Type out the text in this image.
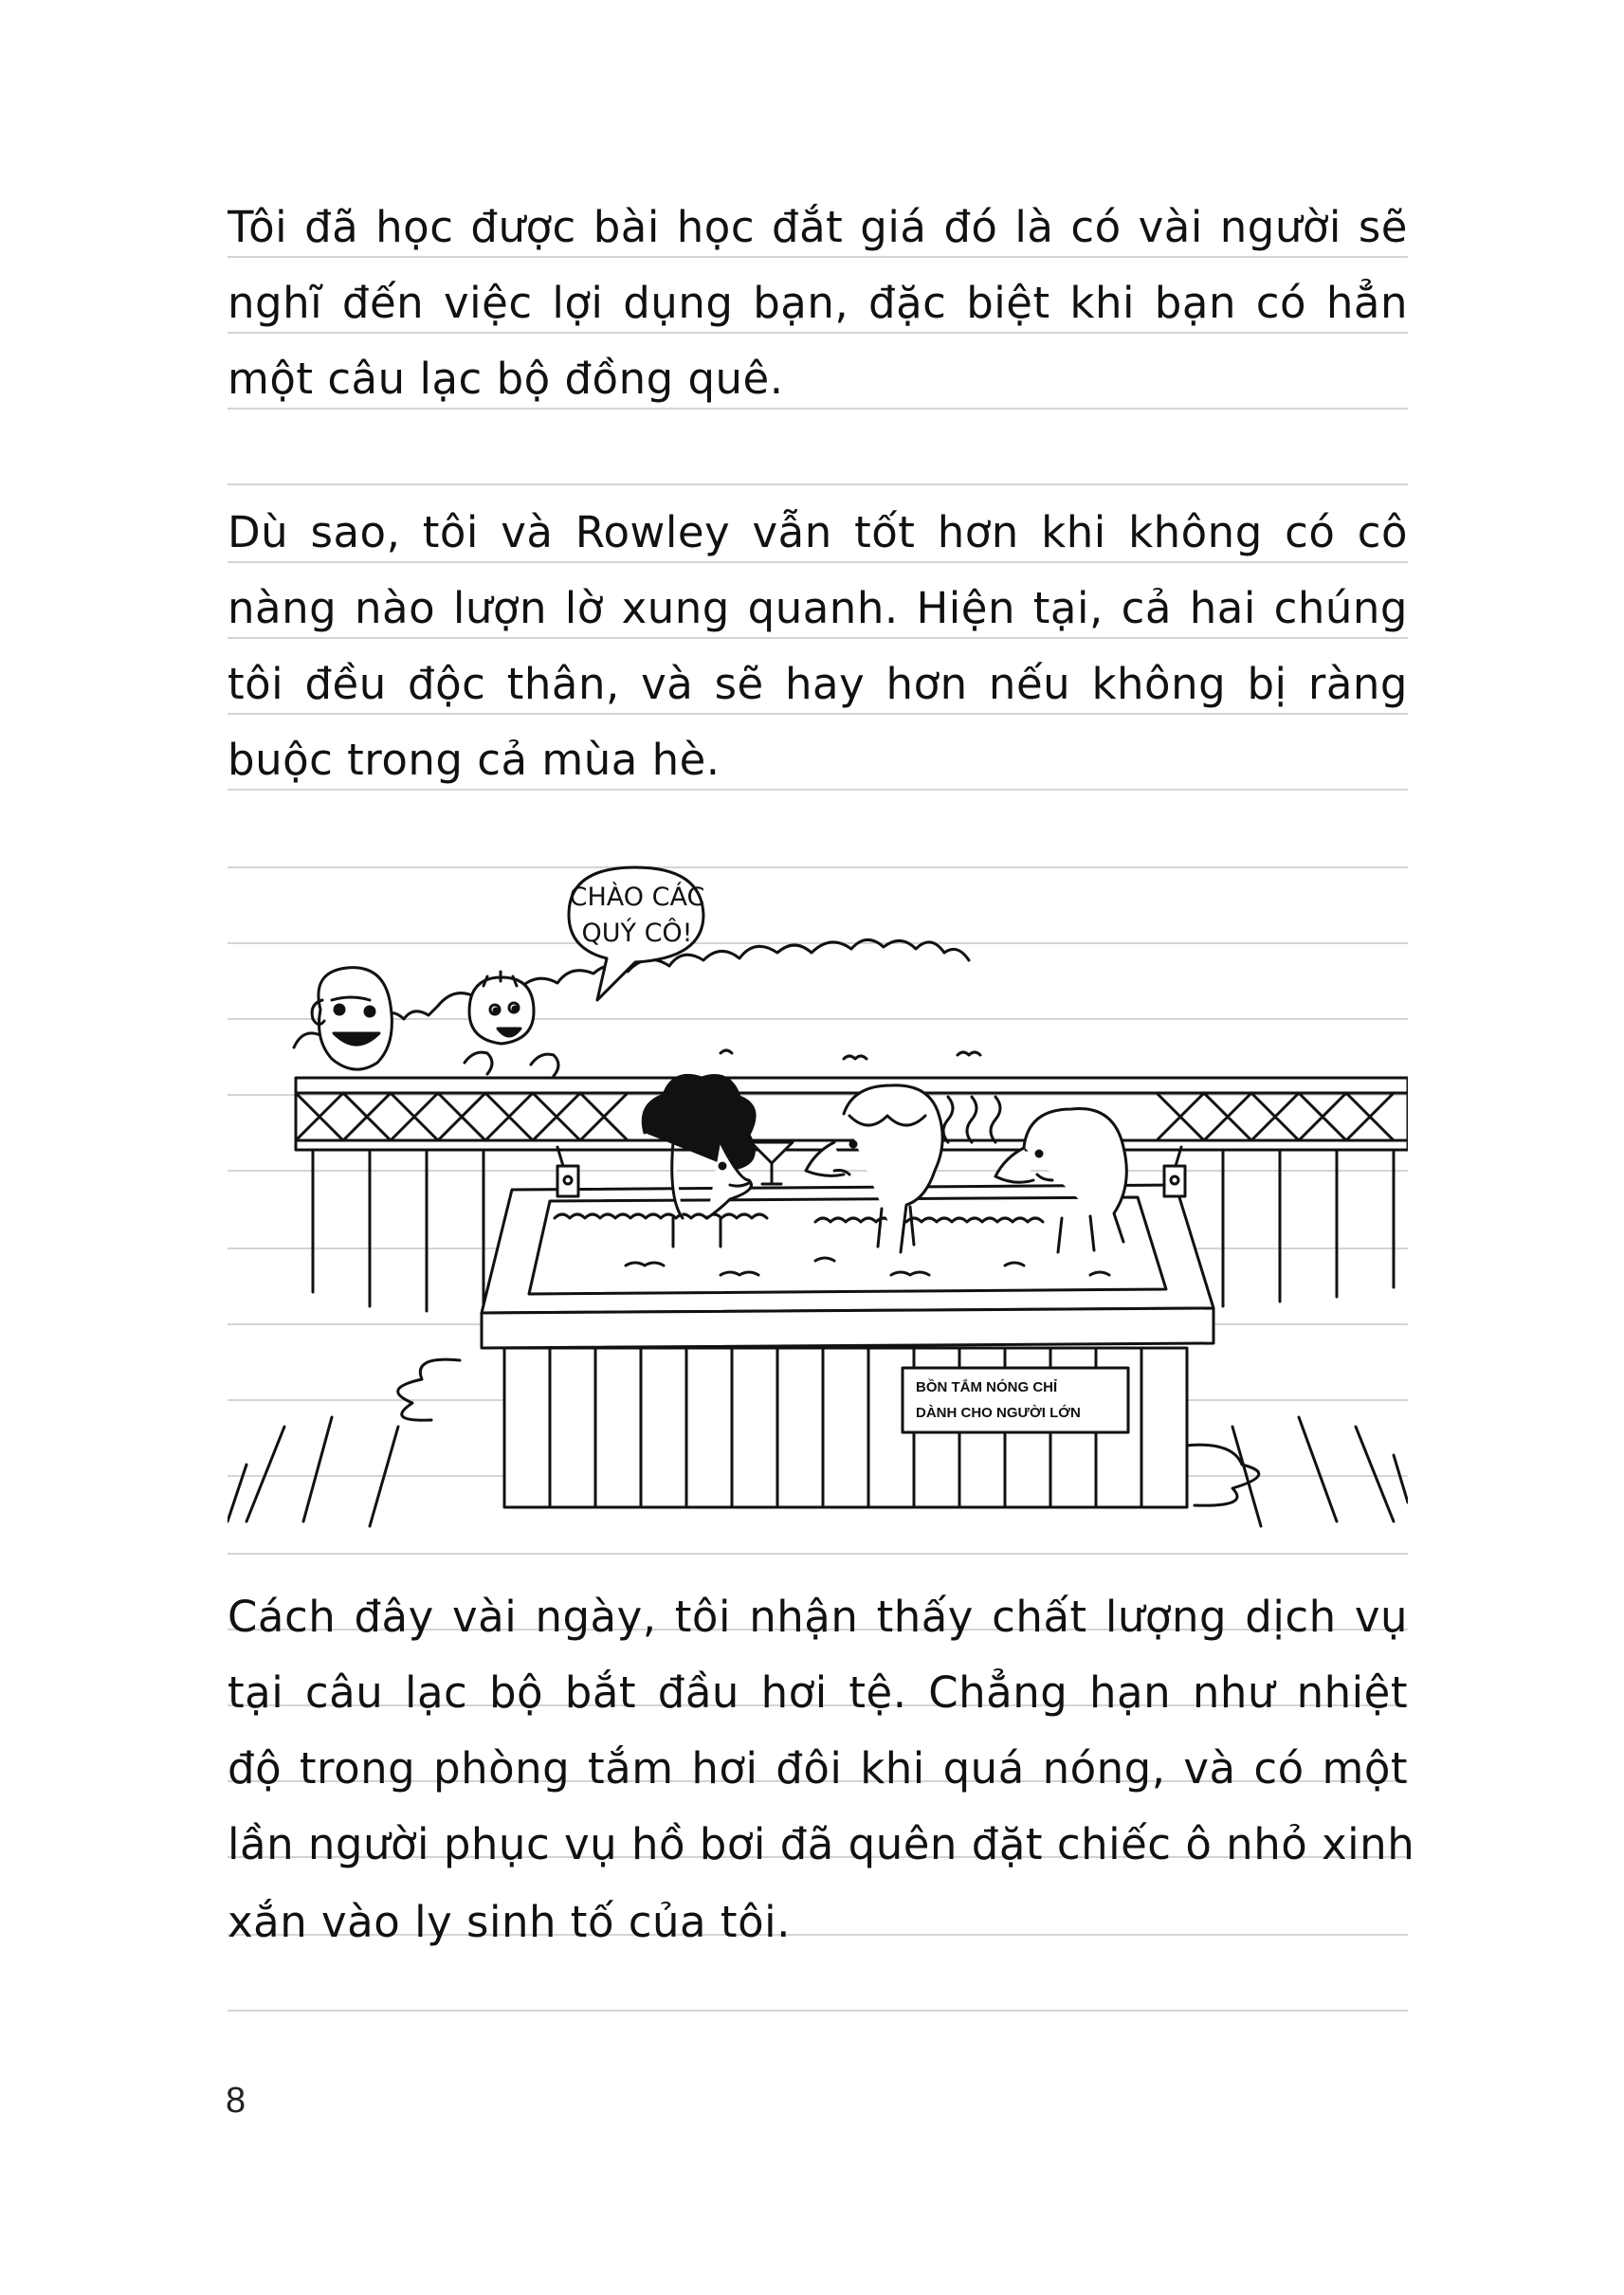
Tôi đã học được bài học đắt giá đó là có vài người sẽ
nghĩ đến việc lợi dụng bạn, đặc biệt khi bạn có hẳn
một câu lạc bộ đồng quê.
Dù sao, tôi và Rowley vẫn tốt hơn khi không có cô
nàng nào lượn lờ xung quanh. Hiện tại, cả hai chúng
tôi đều độc thân, và sẽ hay hơn nếu không bị ràng
buộc trong cả mùa hè.
CHÀO CÁC
QUÝ CÔ!
BỒN TẮM NÓNG CHỈ
DÀNH CHO NGƯỜI LỚN
Cách đây vài ngày, tôi nhận thấy chất lượng dịch vụ
tại câu lạc bộ bắt đầu hơi tệ. Chẳng hạn như nhiệt
độ trong phòng tắm hơi đôi khi quá nóng, và có một
lần người phục vụ hồ bơi đã quên đặt chiếc ô nhỏ xinh
xắn vào ly sinh tố của tôi.
8
